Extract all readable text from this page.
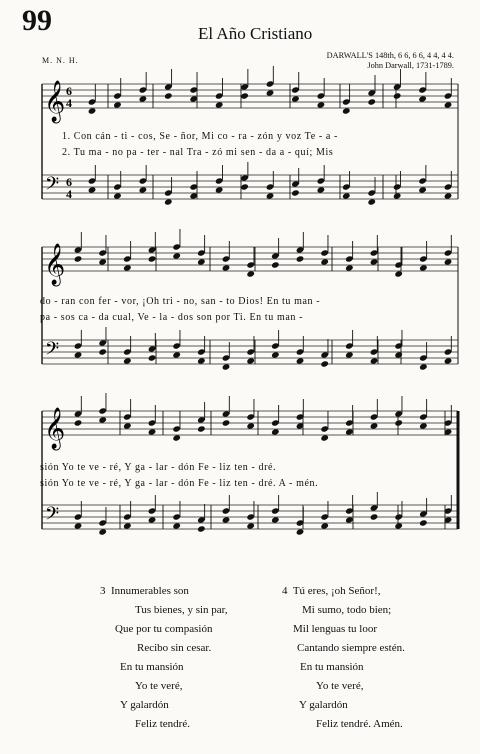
99	El Año Cristiano
M. N. H.
DARWALL'S 148th, 6 6, 6 6, 4 4, 4 4.
John Darwall, 1731-1789.
𝄞
𝄢
6
6
4
4
𝄞
𝄢
𝄞
𝄢
1. Con cán - ti - cos, Se - ñor, Mi co - ra - zón y voz Te - a -
2. Tu ma - no pa - ter - nal Tra - zó mi sen - da a - quí; Mis
do - ran con fer - vor, ¡Oh tri - no, san - to Dios! En tu man -
pa - sos ca - da cual, Ve - la - dos son por Ti. En tu man -
sión Yo te ve - ré, Y ga - lar - dón Fe - liz ten - dré.
sión Yo te ve - ré, Y ga - lar - dón Fe - liz ten - dré. A - mén.
3 Innumerables son
Tus bienes, y sin par,
Que por tu compasión
Recibo sin cesar.
En tu mansión
Yo te veré,
Y galardón
Feliz tendré.
4 Tú eres, ¡oh Señor!,
Mi sumo, todo bien;
Mil lenguas tu loor
Cantando siempre estén.
En tu mansión
Yo te veré,
Y galardón
Feliz tendré. Amén.
